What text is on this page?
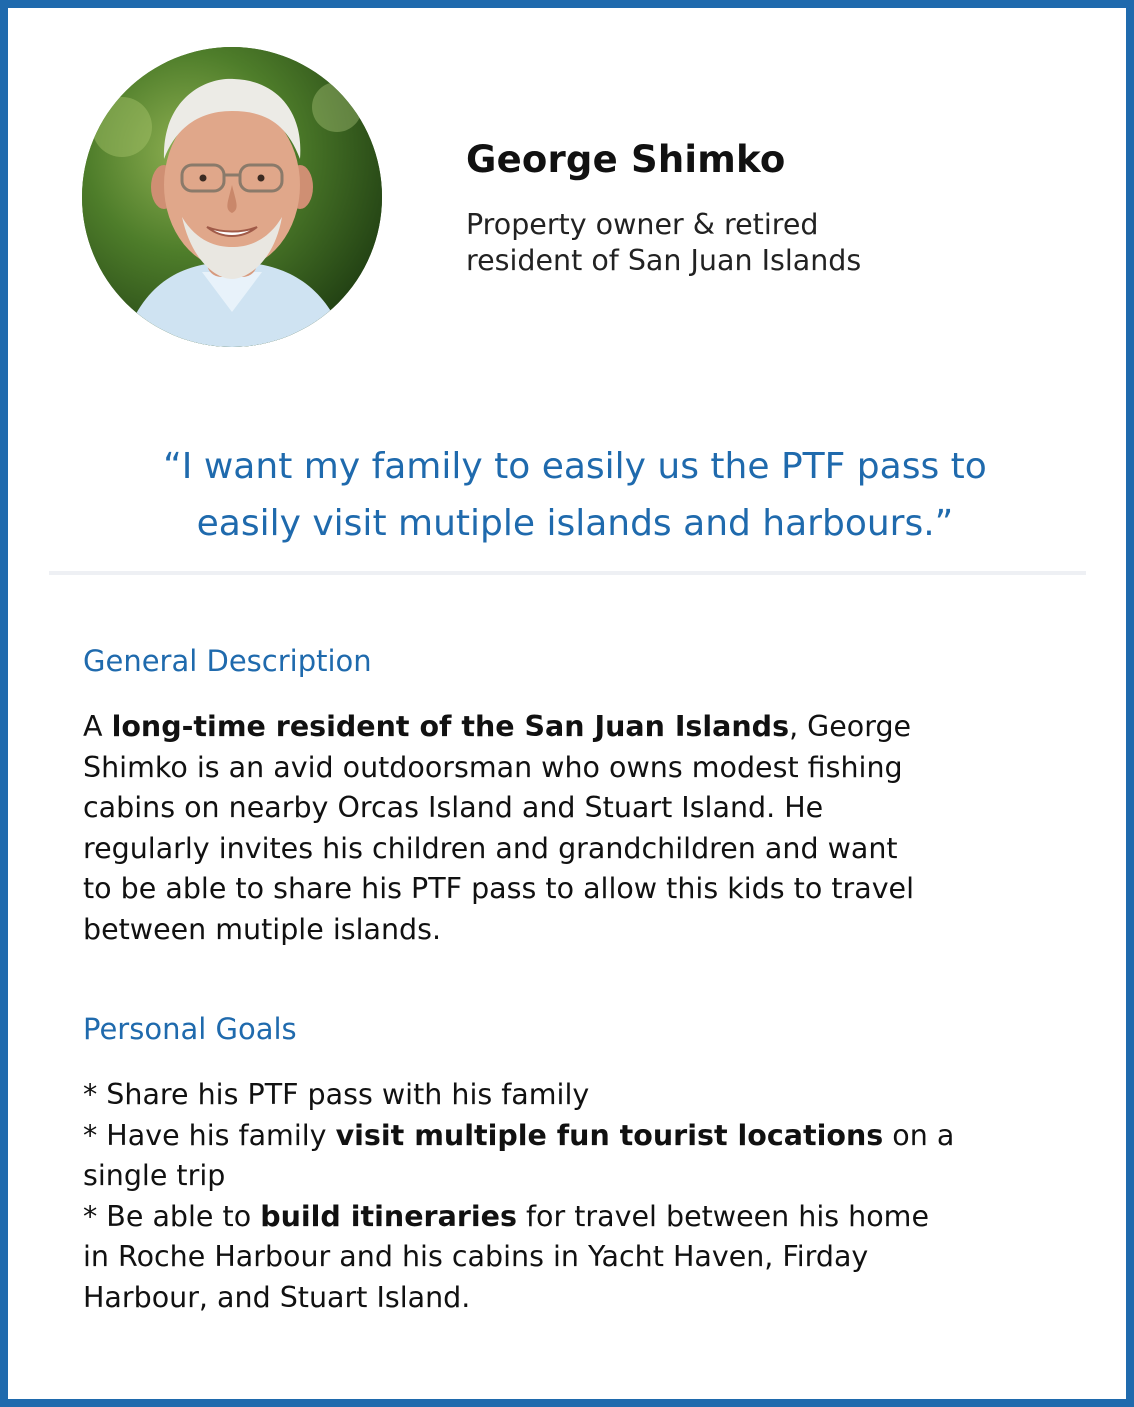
George Shimko
Property owner & retired
resident of San Juan Islands
“I want my family to easily us the PTF pass to
easily visit mutiple islands and harbours.”
General Description
A long-time resident of the San Juan Islands, George
Shimko is an avid outdoorsman who owns modest fishing
cabins on nearby Orcas Island and Stuart Island. He
regularly invites his children and grandchildren and want
to be able to share his PTF pass to allow this kids to travel
between mutiple islands.
Personal Goals
* Share his PTF pass with his family
* Have his family visit multiple fun tourist locations on a
single trip
* Be able to build itineraries for travel between his home
in Roche Harbour and his cabins in Yacht Haven, Firday
Harbour, and Stuart Island.
